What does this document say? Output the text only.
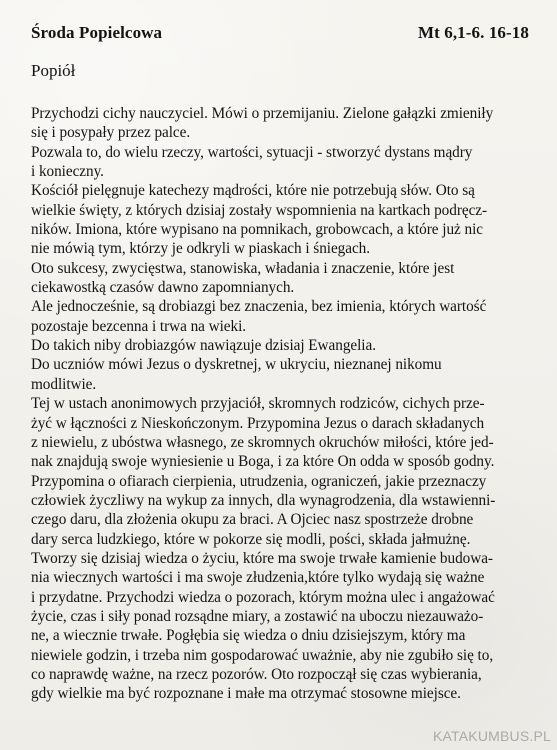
Środa Popielcowa	Mt 6,1-6. 16-18
Popiół
Przychodzi cichy nauczyciel. Mówi o przemijaniu. Zielone gałązki zmieniły
się i posypały przez palce.
Pozwala to, do wielu rzeczy, wartości, sytuacji - stworzyć dystans mądry
i konieczny.
Kościół pielęgnuje katechezy mądrości, które nie potrzebują słów. Oto są
wielkie święty, z których dzisiaj zostały wspomnienia na kartkach podręcz-
ników. Imiona, które wypisano na pomnikach, grobowcach, a które już nic
nie mówią tym, którzy je odkryli w piaskach i śniegach.
Oto sukcesy, zwycięstwa, stanowiska, władania i znaczenie, które jest
ciekawostką czasów dawno zapomnianych.
Ale jednocześnie, są drobiazgi bez znaczenia, bez imienia, których wartość
pozostaje bezcenna i trwa na wieki.
Do takich niby drobiazgów nawiązuje dzisiaj Ewangelia.
Do uczniów mówi Jezus o dyskretnej, w ukryciu, nieznanej nikomu
modlitwie.
Tej w ustach anonimowych przyjaciół, skromnych rodziców, cichych prze-
żyć w łączności z Nieskończonym. Przypomina Jezus o darach składanych
z niewielu, z ubóstwa własnego, ze skromnych okruchów miłości, które jed-
nak znajdują swoje wyniesienie u Boga, i za które On odda w sposób godny.
Przypomina o ofiarach cierpienia, utrudzenia, ograniczeń, jakie przeznaczy
człowiek życzliwy na wykup za innych, dla wynagrodzenia, dla wstawienni-
czego daru, dla złożenia okupu za braci. A Ojciec nasz spostrzeże drobne
dary serca ludzkiego, które w pokorze się modli, pości, składa jałmużnę.
Tworzy się dzisiaj wiedza o życiu, które ma swoje trwałe kamienie budowa-
nia wiecznych wartości i ma swoje złudzenia,które tylko wydają się ważne
i przydatne. Przychodzi wiedza o pozorach, którym można ulec i angażować
życie, czas i siły ponad rozsądne miary, a zostawić na uboczu niezauważo-
ne, a wiecznie trwałe. Pogłębia się wiedza o dniu dzisiejszym, który ma
niewiele godzin, i trzeba nim gospodarować uważnie, aby nie zgubiło się to,
co naprawdę ważne, na rzecz pozorów. Oto rozpoczął się czas wybierania,
gdy wielkie ma być rozpoznane i małe ma otrzymać stosowne miejsce.
KATAKUMBUS.PL
